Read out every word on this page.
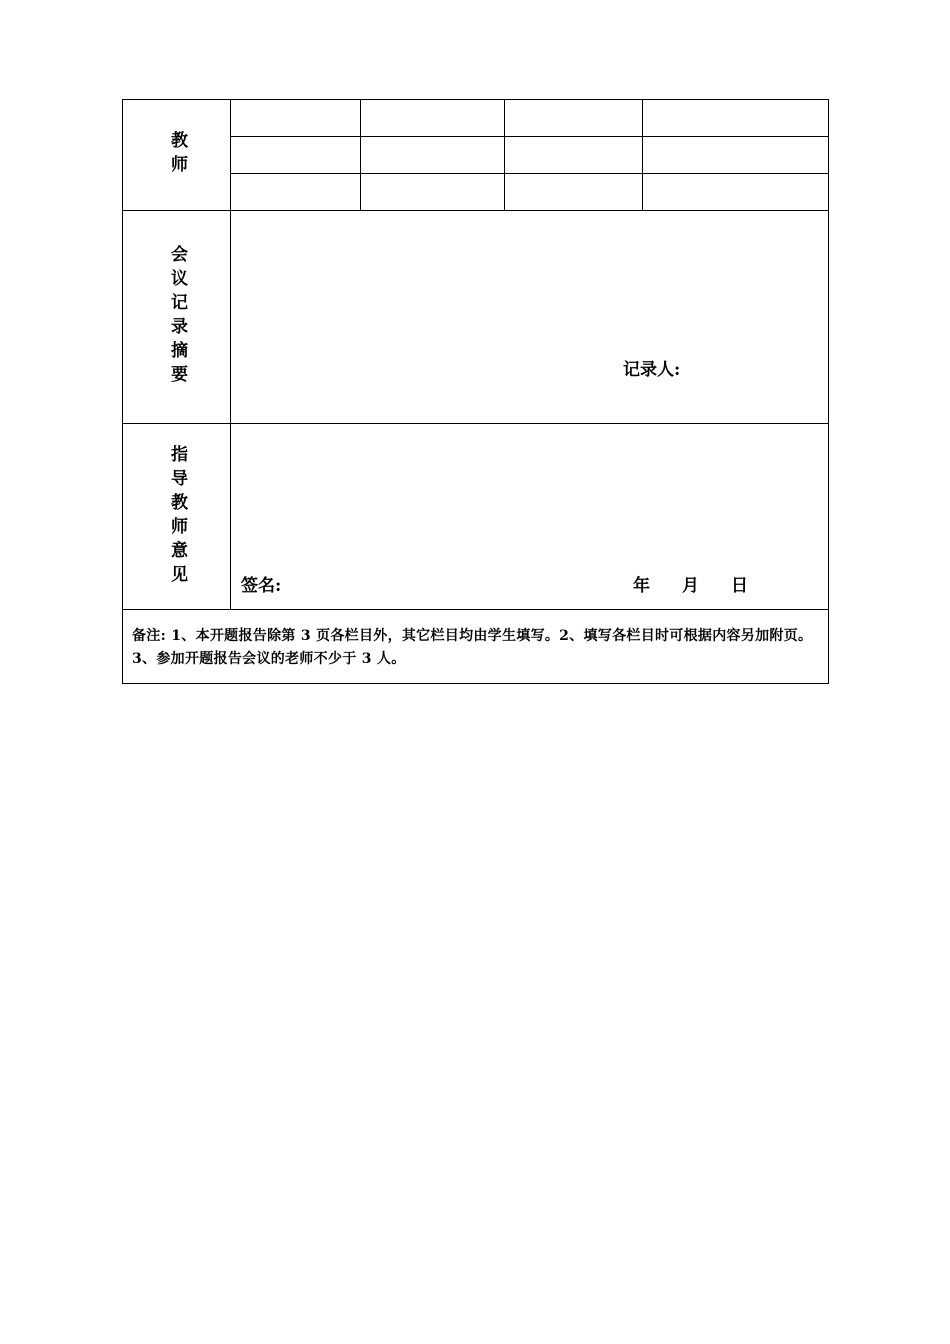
教师
会议记录摘要	记录人:
指导教师意见	签名:	年 月 日
备注: 1、本开题报告除第 3 页各栏目外，其它栏目均由学生填写。2、填写各栏目时可根据内容另加附页。3、参加开题报告会议的老师不少于 3 人。
